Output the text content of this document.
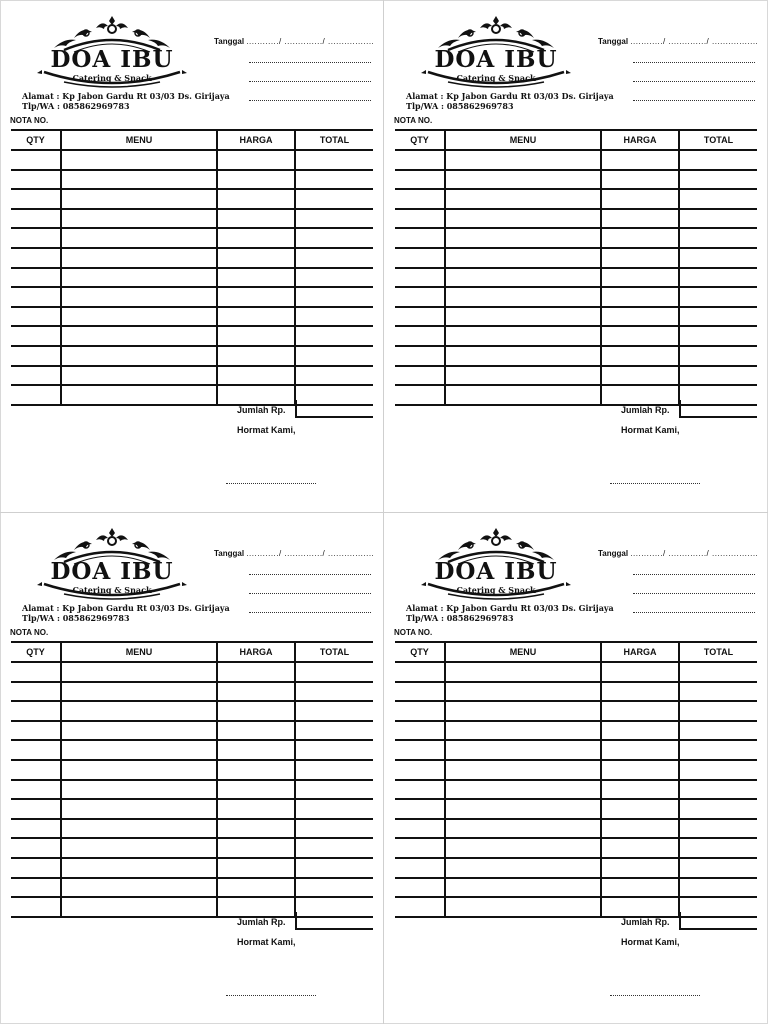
DOA IBU
Catering & Snack
Alamat : Kp Jabon Gardu Rt 03/03 Ds. Girijaya
Tlp/WA : 085862969783
Tanggal ............/ ............../ .................
NOTA NO.
QTY	MENU	HARGA	TOTAL

Jumlah Rp.
Hormat Kami,
DOA IBU
Catering & Snack
Alamat : Kp Jabon Gardu Rt 03/03 Ds. Girijaya
Tlp/WA : 085862969783
Tanggal ............/ ............../ .................
NOTA NO.
QTY	MENU	HARGA	TOTAL

Jumlah Rp.
Hormat Kami,
DOA IBU
Catering & Snack
Alamat : Kp Jabon Gardu Rt 03/03 Ds. Girijaya
Tlp/WA : 085862969783
Tanggal ............/ ............../ .................
NOTA NO.
QTY	MENU	HARGA	TOTAL

Jumlah Rp.
Hormat Kami,
DOA IBU
Catering & Snack
Alamat : Kp Jabon Gardu Rt 03/03 Ds. Girijaya
Tlp/WA : 085862969783
Tanggal ............/ ............../ .................
NOTA NO.
QTY	MENU	HARGA	TOTAL

Jumlah Rp.
Hormat Kami,
